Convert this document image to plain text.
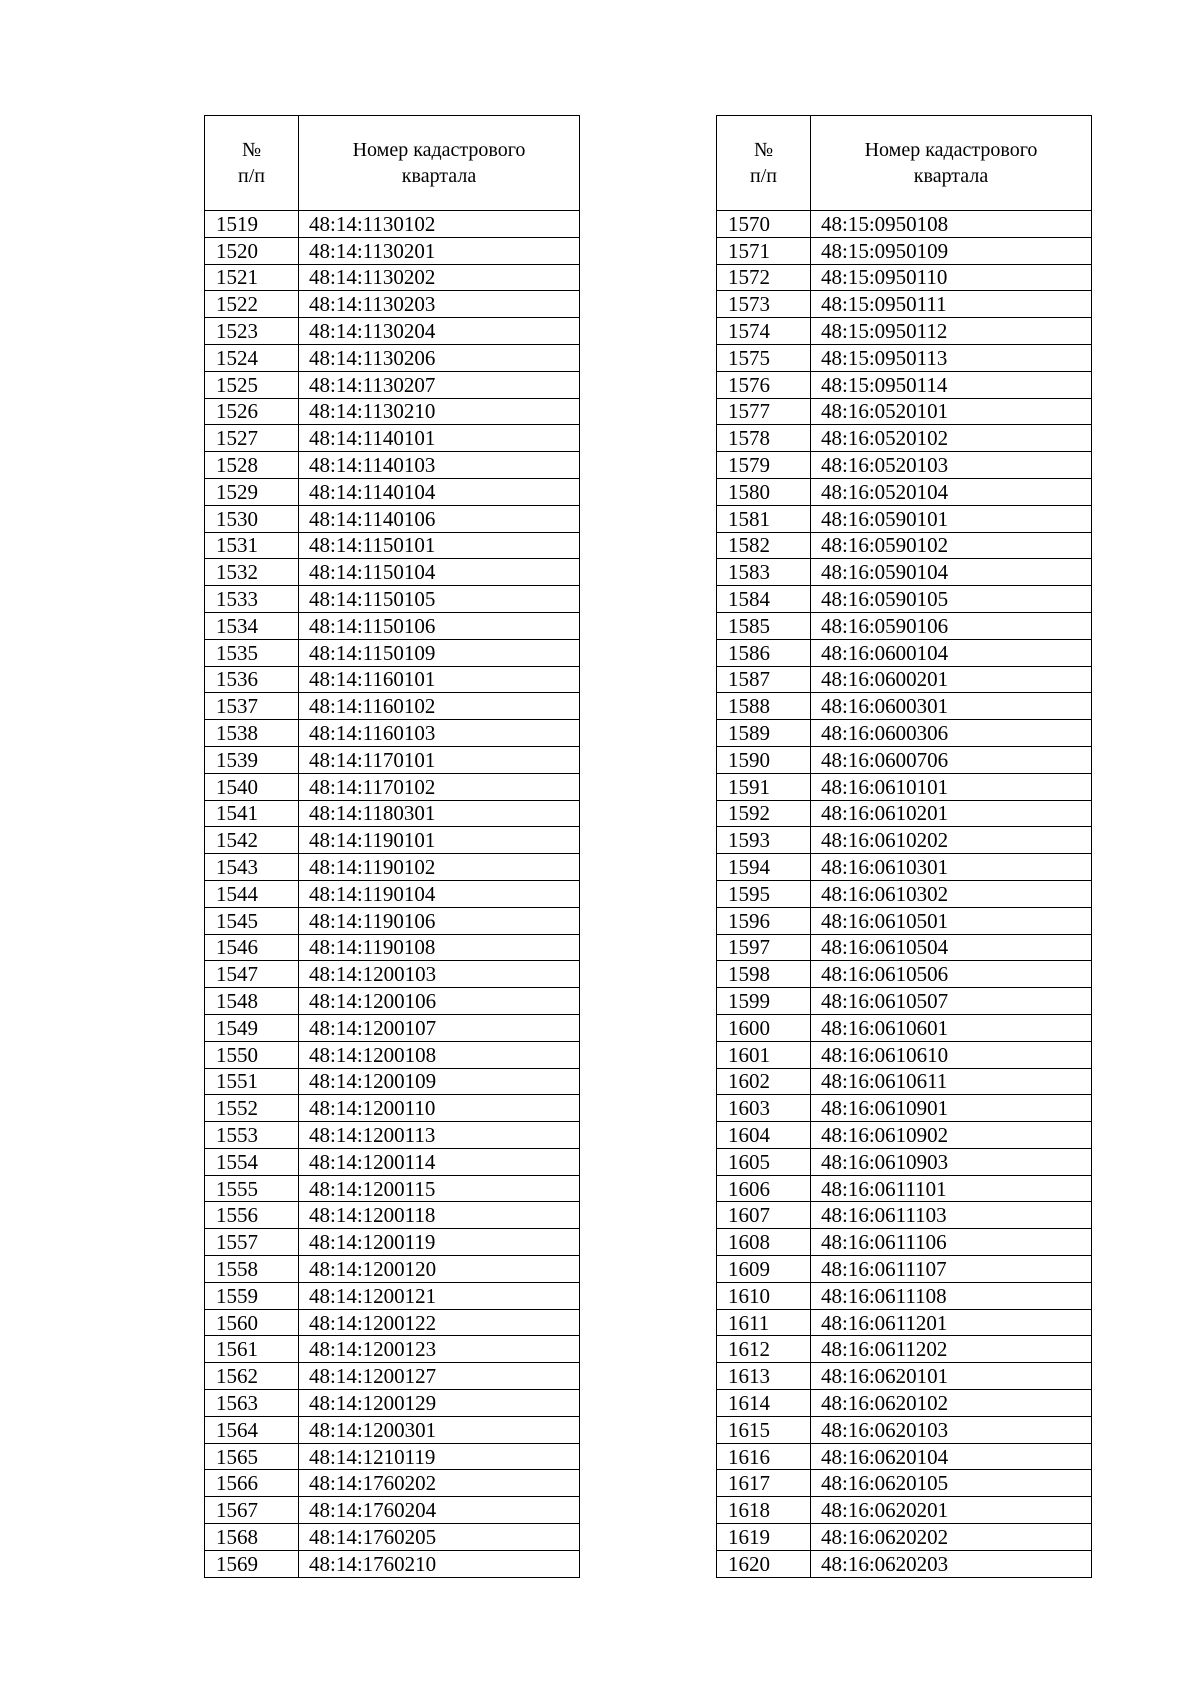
№
п/п	Номер кадастрового
квартала
1519	48:14:1130102
1520	48:14:1130201
1521	48:14:1130202
1522	48:14:1130203
1523	48:14:1130204
1524	48:14:1130206
1525	48:14:1130207
1526	48:14:1130210
1527	48:14:1140101
1528	48:14:1140103
1529	48:14:1140104
1530	48:14:1140106
1531	48:14:1150101
1532	48:14:1150104
1533	48:14:1150105
1534	48:14:1150106
1535	48:14:1150109
1536	48:14:1160101
1537	48:14:1160102
1538	48:14:1160103
1539	48:14:1170101
1540	48:14:1170102
1541	48:14:1180301
1542	48:14:1190101
1543	48:14:1190102
1544	48:14:1190104
1545	48:14:1190106
1546	48:14:1190108
1547	48:14:1200103
1548	48:14:1200106
1549	48:14:1200107
1550	48:14:1200108
1551	48:14:1200109
1552	48:14:1200110
1553	48:14:1200113
1554	48:14:1200114
1555	48:14:1200115
1556	48:14:1200118
1557	48:14:1200119
1558	48:14:1200120
1559	48:14:1200121
1560	48:14:1200122
1561	48:14:1200123
1562	48:14:1200127
1563	48:14:1200129
1564	48:14:1200301
1565	48:14:1210119
1566	48:14:1760202
1567	48:14:1760204
1568	48:14:1760205
1569	48:14:1760210
№
п/п	Номер кадастрового
квартала
1570	48:15:0950108
1571	48:15:0950109
1572	48:15:0950110
1573	48:15:0950111
1574	48:15:0950112
1575	48:15:0950113
1576	48:15:0950114
1577	48:16:0520101
1578	48:16:0520102
1579	48:16:0520103
1580	48:16:0520104
1581	48:16:0590101
1582	48:16:0590102
1583	48:16:0590104
1584	48:16:0590105
1585	48:16:0590106
1586	48:16:0600104
1587	48:16:0600201
1588	48:16:0600301
1589	48:16:0600306
1590	48:16:0600706
1591	48:16:0610101
1592	48:16:0610201
1593	48:16:0610202
1594	48:16:0610301
1595	48:16:0610302
1596	48:16:0610501
1597	48:16:0610504
1598	48:16:0610506
1599	48:16:0610507
1600	48:16:0610601
1601	48:16:0610610
1602	48:16:0610611
1603	48:16:0610901
1604	48:16:0610902
1605	48:16:0610903
1606	48:16:0611101
1607	48:16:0611103
1608	48:16:0611106
1609	48:16:0611107
1610	48:16:0611108
1611	48:16:0611201
1612	48:16:0611202
1613	48:16:0620101
1614	48:16:0620102
1615	48:16:0620103
1616	48:16:0620104
1617	48:16:0620105
1618	48:16:0620201
1619	48:16:0620202
1620	48:16:0620203
